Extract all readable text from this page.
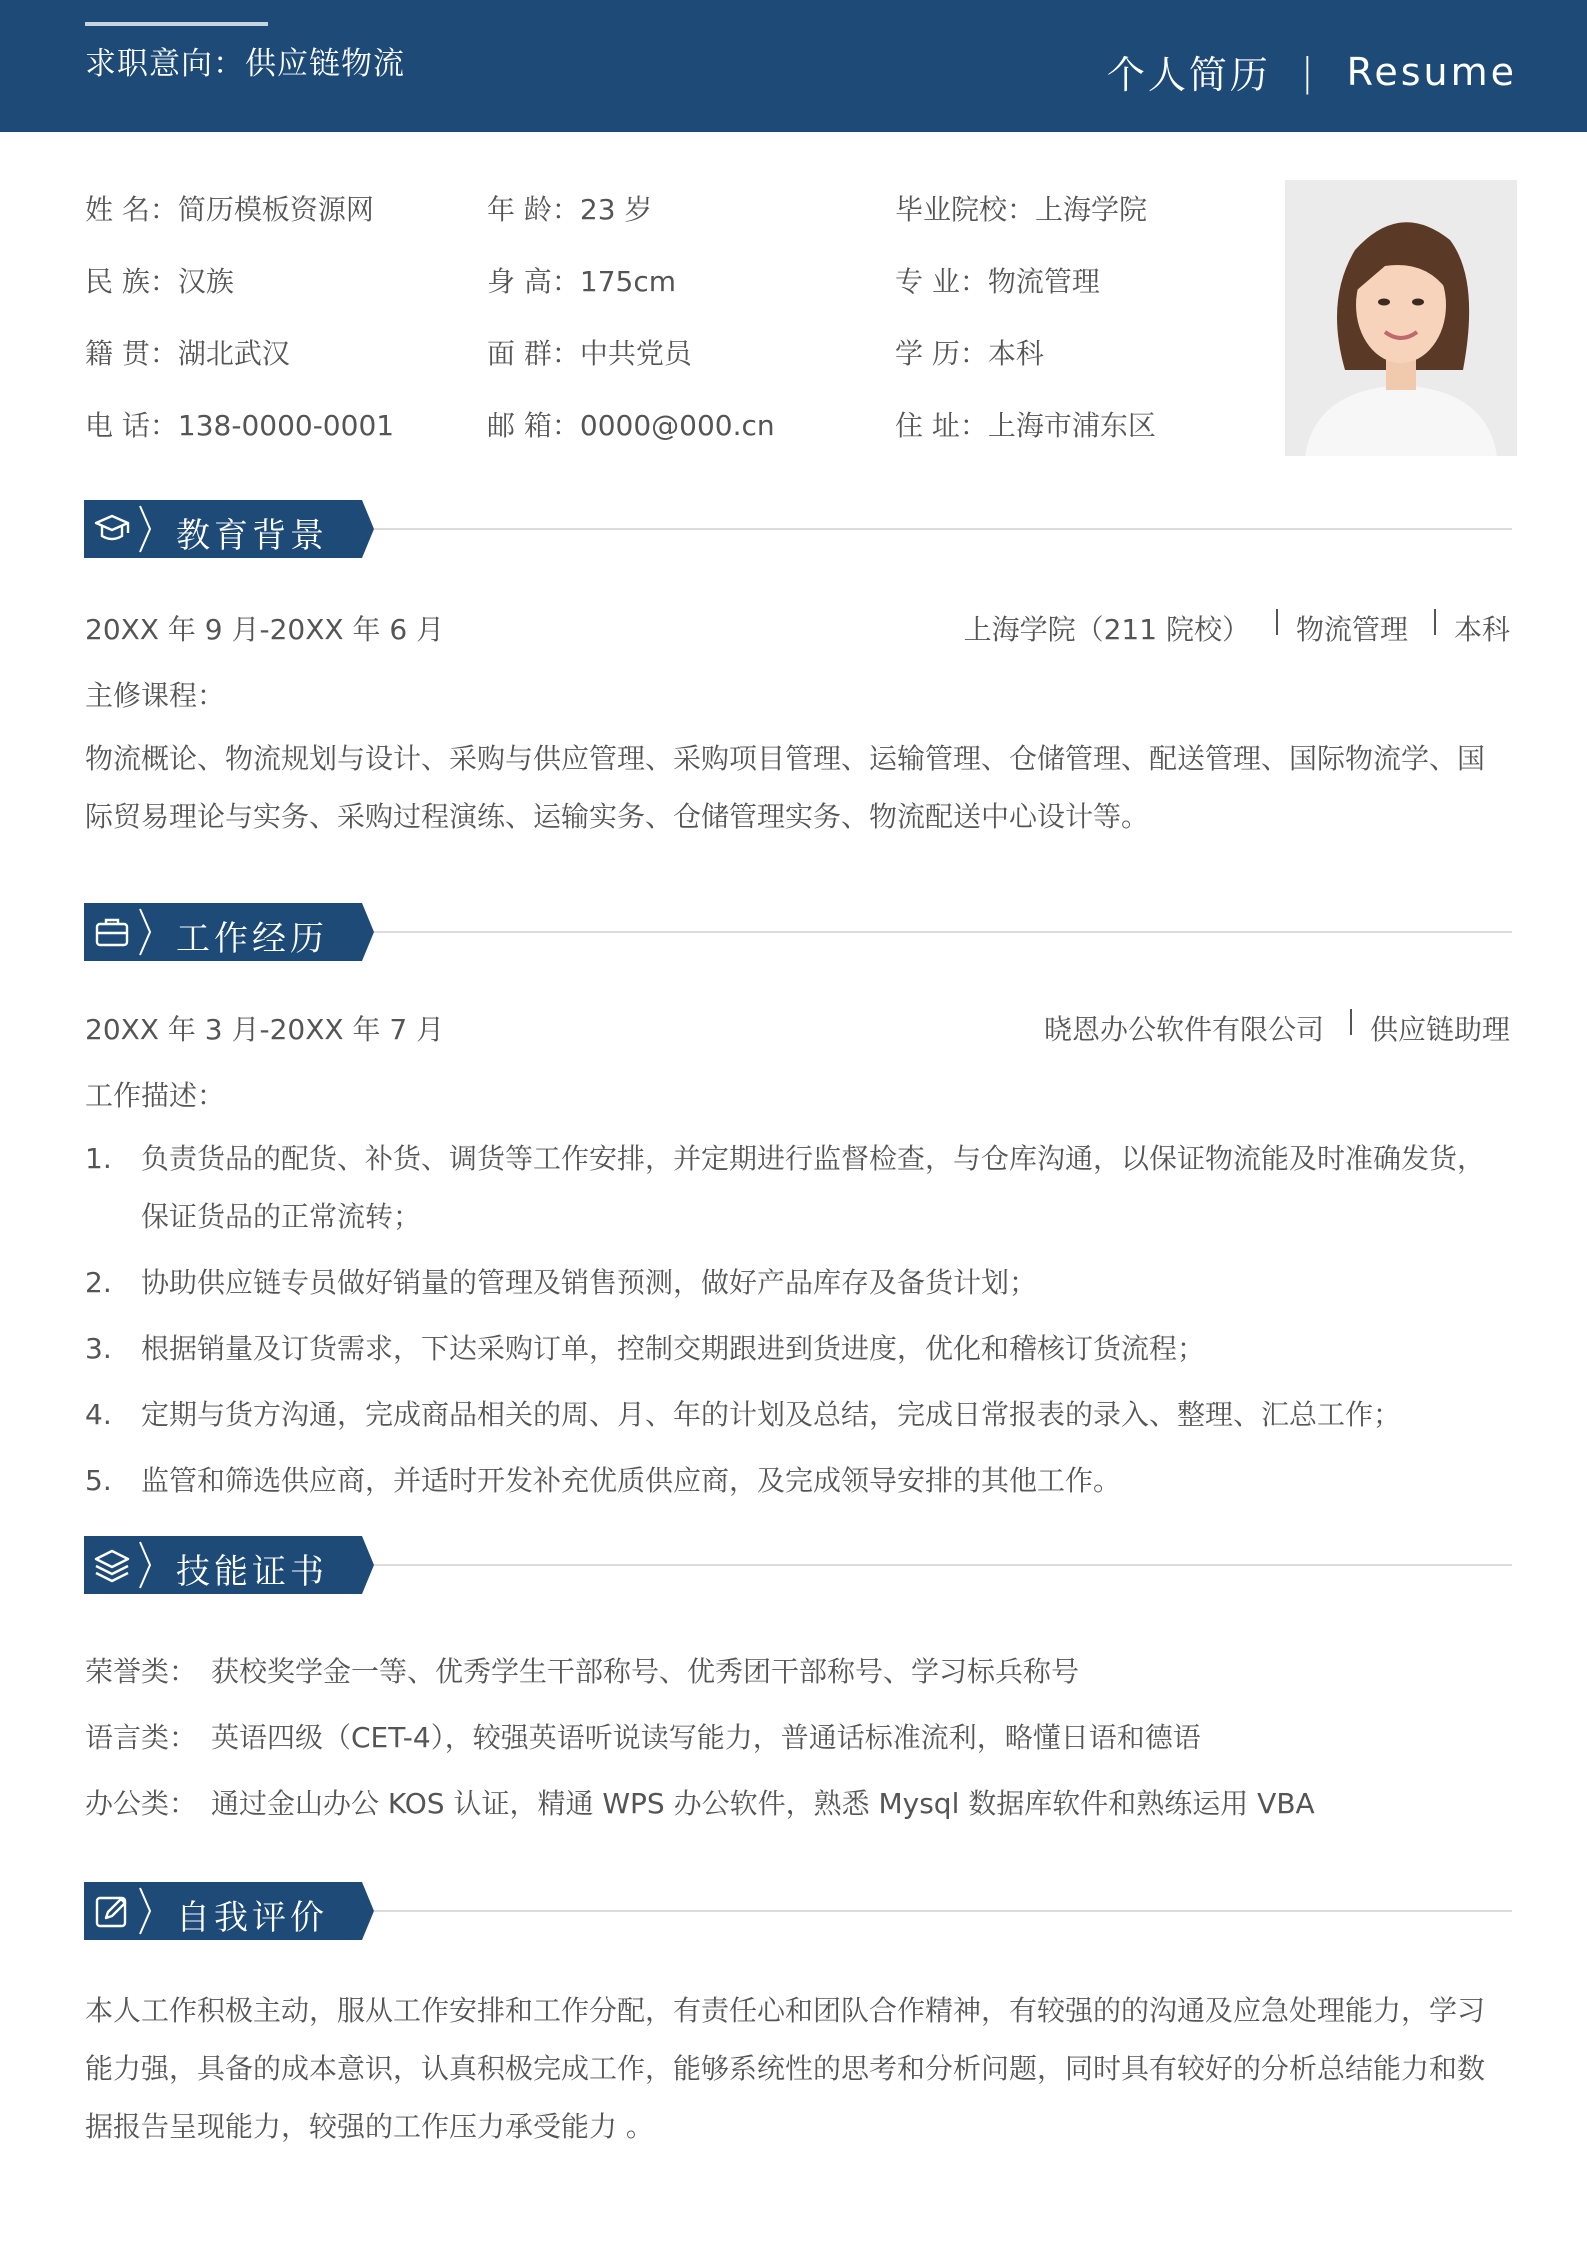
求职意向：供应链物流	个人简历 | Resume
姓 名：简历模板资源网	年 龄：23 岁	毕业院校：上海学院
民 族：汉族	身 高：175cm	专 业：物流管理
籍 贯：湖北武汉	面 群：中共党员	学 历：本科
电 话：138-0000-0001	邮 箱：0000@000.cn	住 址：上海市浦东区
教育背景
20XX 年 9 月-20XX 年 6 月	上海学院（211 院校） 物流管理 本科
主修课程：
物流概论、物流规划与设计、采购与供应管理、采购项目管理、运输管理、仓储管理、配送管理、国际物流学、国际贸易理论与实务、采购过程演练、运输实务、仓储管理实务、物流配送中心设计等。
工作经历
20XX 年 3 月-20XX 年 7 月	晓恩办公软件有限公司 供应链助理
工作描述：
1. 负责货品的配货、补货、调货等工作安排，并定期进行监督检查，与仓库沟通，以保证物流能及时准确发货，保证货品的正常流转；
2. 协助供应链专员做好销量的管理及销售预测，做好产品库存及备货计划；
3. 根据销量及订货需求，下达采购订单，控制交期跟进到货进度，优化和稽核订货流程；
4. 定期与货方沟通，完成商品相关的周、月、年的计划及总结，完成日常报表的录入、整理、汇总工作；
5. 监管和筛选供应商，并适时开发补充优质供应商，及完成领导安排的其他工作。
技能证书
荣誉类： 获校奖学金一等、优秀学生干部称号、优秀团干部称号、学习标兵称号
语言类： 英语四级（CET-4），较强英语听说读写能力，普通话标准流利，略懂日语和德语
办公类： 通过金山办公 KOS 认证，精通 WPS 办公软件，熟悉 Mysql 数据库软件和熟练运用 VBA
自我评价
本人工作积极主动，服从工作安排和工作分配，有责任心和团队合作精神，有较强的的沟通及应急处理能力，学习能力强，具备的成本意识，认真积极完成工作，能够系统性的思考和分析问题，同时具有较好的分析总结能力和数据报告呈现能力，较强的工作压力承受能力 。
